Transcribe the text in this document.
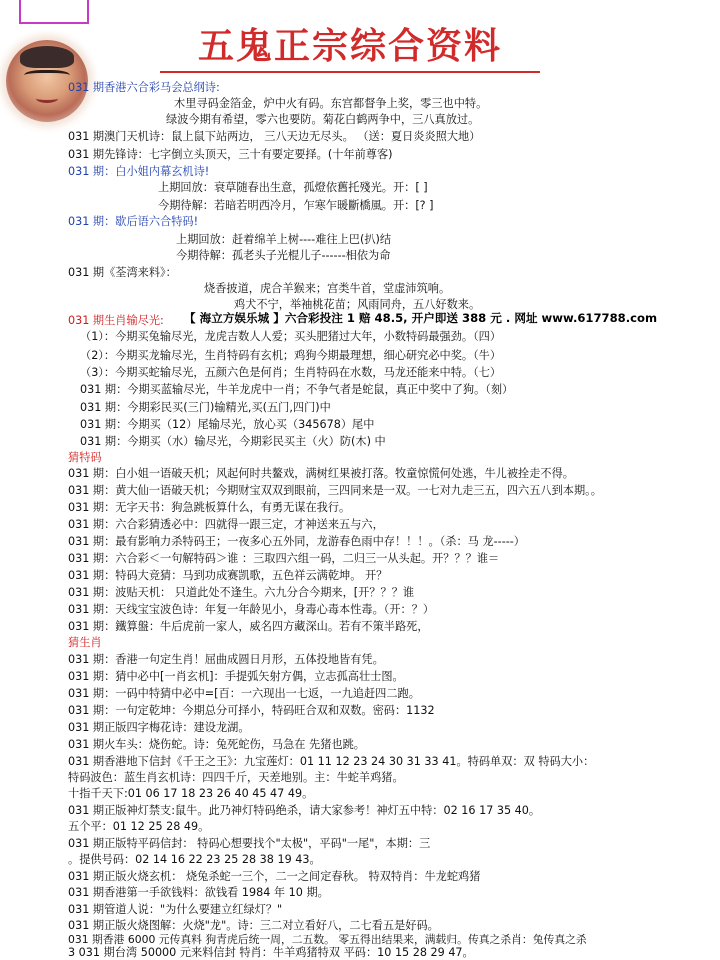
五鬼正宗综合资料
031 期香港六合彩马会总纲诗:
木里寻码金箔金，炉中火有码。东宫都督争上奖，零三也中特。
绿波今期有希望，零六也要防。菊花白鹤两争中，三八真放过。
031 期澳门天机诗：鼠上鼠下站两边， 三八天边无尽头。 （送：夏日炎炎照大地）
031 期先锋诗：七字倒立头顶天，三十有要定要择。(十年前尊客)
031 期：白小姐内幕玄机诗!
上期回放：衰草随春出生意，孤燈依舊托殘光。开：[ ]
今期待解：若暗若明西冷月，乍寒乍暖斷橋風。开：[? ]
031 期：歇后语六合特码!
上期回放：赶着绵羊上树----难往上巴(扒)结
今期待解：孤老头子光棍儿子------相依为命
031 期《荃湾来料》：
烧香披道，虎合羊猴来；宫类牛首，堂虚沛筑响。
鸡犬不宁，举袖桃花苗；风雨同舟，五八好数来。
031 期生肖输尽光: 【 海立方娱乐城 】六合彩投注 1 赔 48.5, 开户即送 388 元 . 网址 www.617788.com
（1）：今期买兔输尽光，龙虎吉数人人爱；买头肥猪过大年，小数特码最强劲。（四）
（2）：今期买龙输尽光，生肖特码有玄机；鸡狗今期最理想，细心研究必中奖。（牛）
（3）：今期买蛇输尽光，五颜六色是何肖；生肖特码在水数，马龙还能来中特。（七）
031 期：今期买蓝输尽光，牛羊龙虎中一肖；不争气者是蛇鼠，真正中奖中了狗。（刻）
031 期：今期彩民买(三门)输精光,买(五门,四门)中
031 期：今期买（12）尾输尽光，放心买（345678）尾中
031 期：今期买（水）输尽光，今期彩民买主（火）防(木) 中
猜特码
031 期：白小姐一语破天机；风起何时共鳌戏，满树红果被打落。牧童惊慌何处逃，牛儿被拴走不得。
031 期：黄大仙一语破天机；今期财宝双双到眼前，三四同来是一双。一七对九走三五，四六五八到本期。。
031 期：无字天书：狗急跳板算什么，有勇无谋在我行。
031 期：六合彩猜透必中：四就得一跟三定，才神送来五与六，
031 期：最有影响力杀特码王；一夜多心五外同，龙游春色雨中存！！！。（杀：马 龙-----）
031 期：六合彩＜一句解特码＞谁 ：三取四六组一码，二归三一从头起。开？？？谁＝
031 期：特码大竞猜：马到功成赛凯歌，五色祥云满乾坤。 开？
031 期：波贴天机： 只道此处不逢生。六九分合今期来，[开？？？谁
031 期：天线宝宝波色诗：年复一年龄见小，身毒心毒本性毒。（开：？）
031 期：鐵算盤：牛后虎前一家人，威名四方藏深山。若有不策半路死，
猜生肖
031 期：香港一句定生肖！屈曲成圆日月形，五体投地皆有凭。
031 期：猜中必中[一肖玄机]：手提弧矢射方偶，立志孤高壮士图。
031 期：一码中特猜中必中=[百：一六现出一七返，一九追赶四二跑。
031 期：一句定乾坤：今期总分可择小，特码旺合双和双数。密码：1132
031 期正版四字梅花诗：建设龙湖。
031 期火车头：烧伤蛇。诗：兔死蛇伤，马急在 先猪也跳。
031 期香港地下信封《千王之王》：九宝莲灯：01 11 12 23 24 30 31 33 41。特码单双：双 特码大小：
特码波色：蓝生肖玄机诗：四四千斤，天差地别。主：牛蛇羊鸡猪。
十指千天下:01 06 17 18 23 26 40 45 47 49。
031 期正版神灯禁支:鼠牛。此乃神灯特码绝杀，请大家参考！神灯五中特：02 16 17 35 40。
五个平：01 12 25 28 49。
031 期正版特平码信封： 特码心想要找个"太极"，平码"一尾"，本期：三
。提供号码：02 14 16 22 23 25 28 38 19 43。
031 期正版火烧玄机： 烧兔杀蛇一三个，二一之间定春秋。 特双特肖：牛龙蛇鸡猪
031 期香港第一手欲钱料：欲钱看 1984 年 10 期。
031 期管道人说："为什么要建立红绿灯？"
031 期正版火烧图解：火烧"龙"。诗：三二对立看好八，二七看五是好码。
031 期香港 6000 元传真料 狗青虎后统一周，二五数。 零五得出结果来，满载归。传真之杀肖：兔传真之杀
3 031 期台湾 50000 元来料信封 特肖：牛羊鸡猪特双 平码：10 15 28 29 47。
